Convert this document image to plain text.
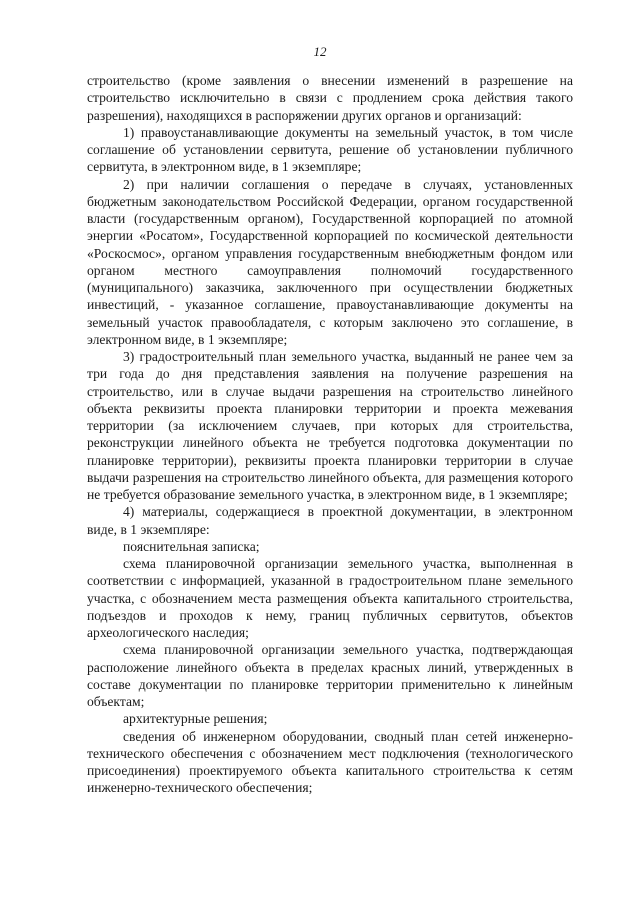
12

строительство (кроме заявления о внесении изменений в разрешение на строительство исключительно в связи с продлением срока действия такого разрешения), находящихся в распоряжении других органов и организаций:

1) правоустанавливающие документы на земельный участок, в том числе соглашение об установлении сервитута, решение об установлении публичного сервитута, в электронном виде, в 1 экземпляре;

2) при наличии соглашения о передаче в случаях, установленных бюджетным законодательством Российской Федерации, органом государственной власти (государственным органом), Государственной корпорацией по атомной энергии «Росатом», Государственной корпорацией по космической деятельности «Роскосмос», органом управления государственным внебюджетным фондом или органом местного самоуправления полномочий государственного (муниципального) заказчика, заключенного при осуществлении бюджетных инвестиций, - указанное соглашение, правоустанавливающие документы на земельный участок правообладателя, с которым заключено это соглашение, в электронном виде, в 1 экземпляре;

3) градостроительный план земельного участка, выданный не ранее чем за три года до дня представления заявления на получение разрешения на строительство, или в случае выдачи разрешения на строительство линейного объекта реквизиты проекта планировки территории и проекта межевания территории (за исключением случаев, при которых для строительства, реконструкции линейного объекта не требуется подготовка документации по планировке территории), реквизиты проекта планировки территории в случае выдачи разрешения на строительство линейного объекта, для размещения которого не требуется образование земельного участка, в электронном виде, в 1 экземпляре;

4) материалы, содержащиеся в проектной документации, в электронном виде, в 1 экземпляре:

пояснительная записка;

схема планировочной организации земельного участка, выполненная в соответствии с информацией, указанной в градостроительном плане земельного участка, с обозначением места размещения объекта капитального строительства, подъездов и проходов к нему, границ публичных сервитутов, объектов археологического наследия;

схема планировочной организации земельного участка, подтверждающая расположение линейного объекта в пределах красных линий, утвержденных в составе документации по планировке территории применительно к линейным объектам;

архитектурные решения;

сведения об инженерном оборудовании, сводный план сетей инженерно-технического обеспечения с обозначением мест подключения (технологического присоединения) проектируемого объекта капитального строительства к сетям инженерно-технического обеспечения;
